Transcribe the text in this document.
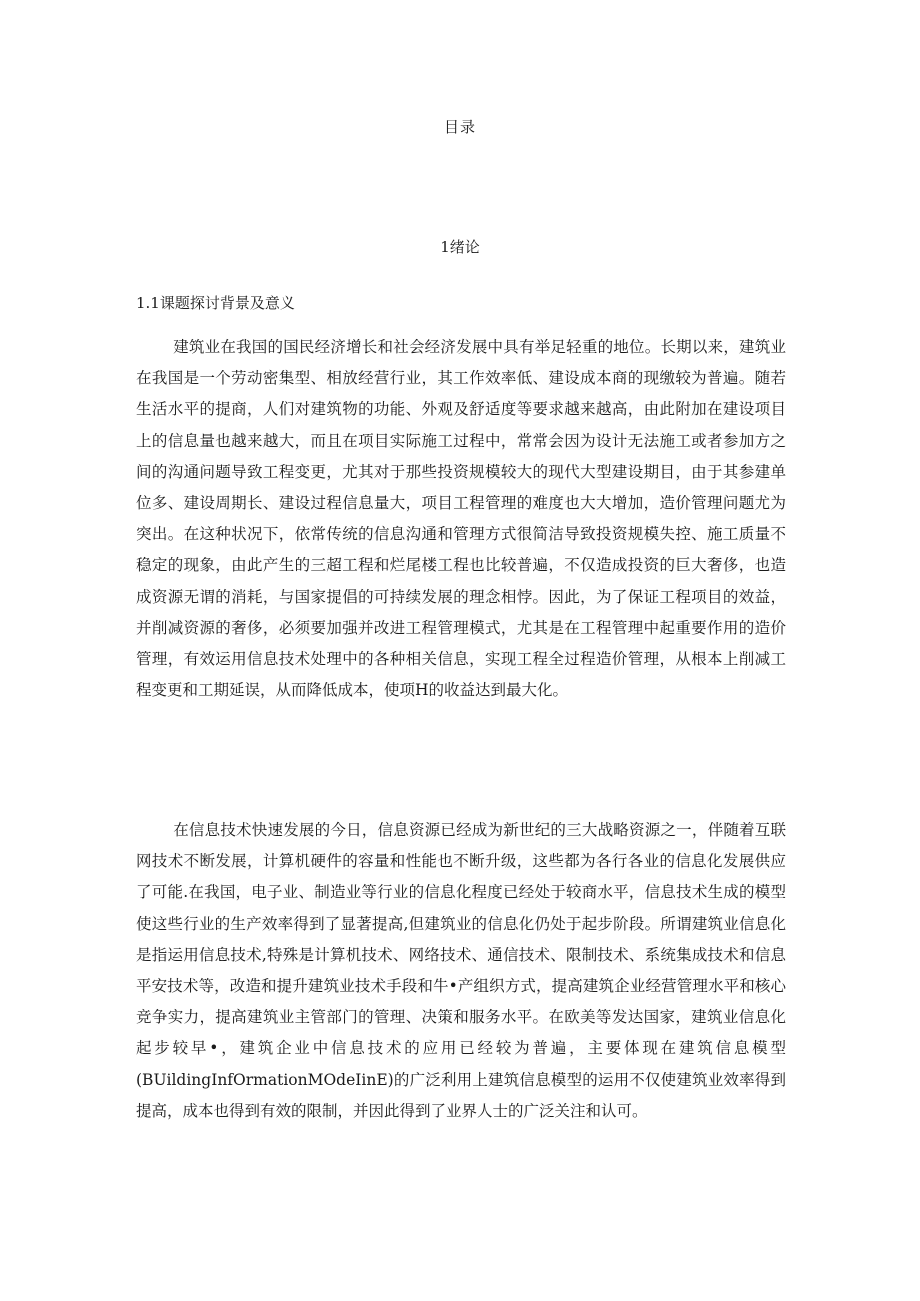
目录
1绪论
1.1课题探讨背景及意义

建筑业在我国的国民经济增长和社会经济发展中具有举足轻重的地位。长期以来，建筑业在我国是一个劳动密集型、相放经营行业，其工作效率低、建设成本商的现缴较为普遍。随若生活水平的提商，人们对建筑物的功能、外观及舒适度等要求越来越高，由此附加在建设项目上的信息量也越来越大，而且在项目实际施工过程中，常常会因为设计无法施工或者参加方之间的沟通问题导致工程变更，尤其对于那些投资规模较大的现代大型建设期目，由于其参建单位多、建设周期长、建设过程信息量大，项目工程管理的难度也大大增加，造价管理问题尤为突出。在这种状况下，依常传统的信息沟通和管理方式很简洁导致投资规模失控、施工质量不稳定的现象，由此产生的三超工程和烂尾楼工程也比较普遍，不仅造成投资的巨大奢侈，也造成资源无谓的消耗，与国家提倡的可持续发展的理念相悖。因此，为了保证工程项目的效益，并削减资源的奢侈，必须要加强并改进工程管理模式，尤其是在工程管理中起重要作用的造价管理，有效运用信息技术处理中的各种相关信息，实现工程全过程造价管理，从根本上削减工程变更和工期延误，从而降低成本，使项H的收益达到最大化。

在信息技术快速发展的今日，信息资源已经成为新世纪的三大战略资源之一，伴随着互联网技术不断发展，计算机硬件的容量和性能也不断升级，这些都为各行各业的信息化发展供应了可能.在我国，电子业、制造业等行业的信息化程度已经处于较商水平，信息技术生成的模型使这些行业的生产效率得到了显著提高,但建筑业的信息化仍处于起步阶段。所谓建筑业信息化是指运用信息技术,特殊是计算机技术、网络技术、通信技术、限制技术、系统集成技术和信息平安技术等，改造和提升建筑业技术手段和牛•产组织方式，提高建筑企业经营管理水平和核心竞争实力，提高建筑业主管部门的管理、决策和服务水平。在欧美等发达国家，建筑业信息化起步较早•，建筑企业中信息技术的应用已经较为普遍，主要体现在建筑信息模型(BUildingInfOrmationMOdeIinE)的广泛利用上建筑信息模型的运用不仅使建筑业效率得到提高，成本也得到有效的限制，并因此得到了业界人士的广泛关注和认可。
